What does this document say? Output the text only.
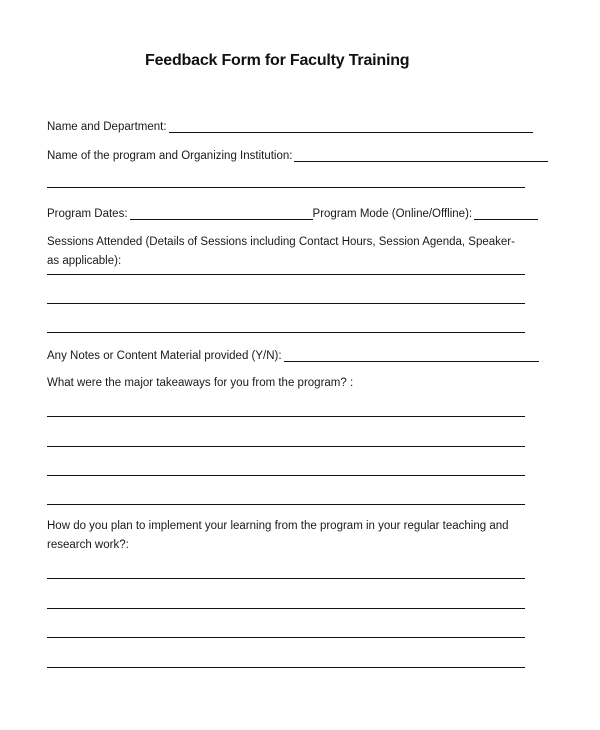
Feedback Form for Faculty Training
Name and Department:
Name of the program and Organizing Institution:
Program Dates:	Program Mode (Online/Offline):
Sessions Attended (Details of Sessions including Contact Hours, Session Agenda, Speaker- as applicable):
Any Notes or Content Material provided (Y/N):
What were the major takeaways for you from the program? :
How do you plan to implement your learning from the program in your regular teaching and research work?:
